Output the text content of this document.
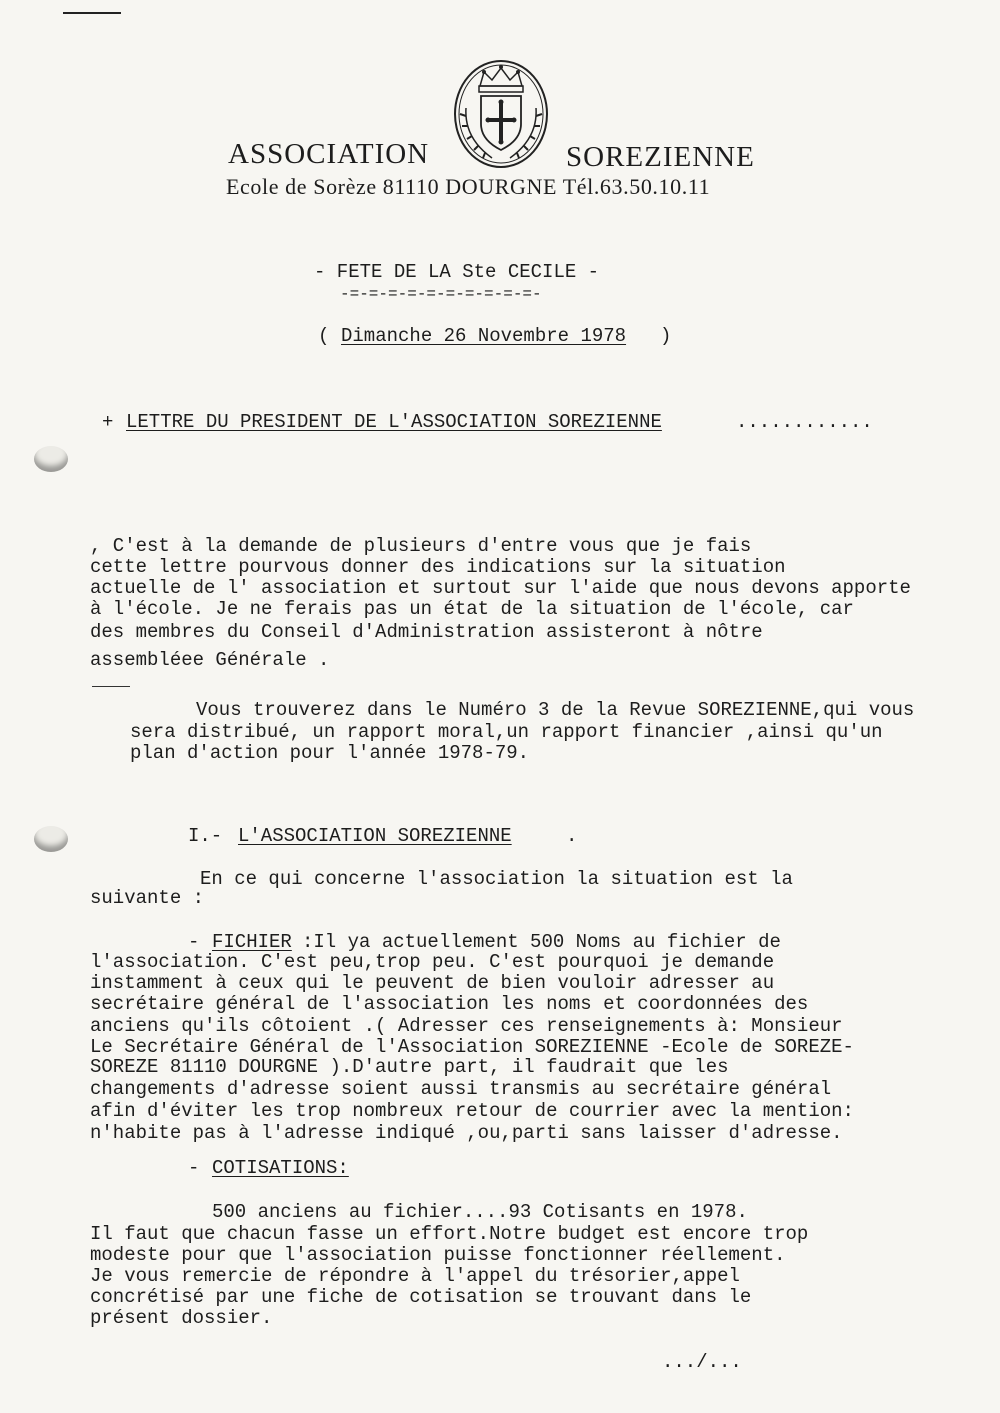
ASSOCIATION	SOREZIENNE
Ecole de Sorèze 81110 DOURGNE Tél.63.50.10.11
- FETE DE LA Ste CECILE -
-=-=-=-=-=-=-=-=-=-=-
( Dimanche 26 Novembre 1978 )
+ LETTRE DU PRESIDENT DE L'ASSOCIATION SOREZIENNE	............
, C'est à la demande de plusieurs d'entre vous que je fais
cette lettre pourvous donner des indications sur la situation
actuelle de l' association et surtout sur l'aide que nous devons apporte
à l'école. Je ne ferais pas un état de la situation de l'école, car
des membres du Conseil d'Administration assisteront à nôtre
assembléee Générale .
Vous trouverez dans le Numéro 3 de la Revue SOREZIENNE,qui vous
sera distribué, un rapport moral,un rapport financier ,ainsi qu'un
plan d'action pour l'année 1978-79.
I.- L'ASSOCIATION SOREZIENNE	.
En ce qui concerne l'association la situation est la
suivante :
- FICHIER :Il ya actuellement 500 Noms au fichier de
l'association. C'est peu,trop peu. C'est pourquoi je demande
instamment à ceux qui le peuvent de bien vouloir adresser au
secrétaire général de l'association les noms et coordonnées des
anciens qu'ils côtoient .( Adresser ces renseignements à: Monsieur
Le Secrétaire Général de l'Association SOREZIENNE -Ecole de SOREZE-
SOREZE 81110 DOURGNE ).D'autre part, il faudrait que les
changements d'adresse soient aussi transmis au secrétaire général
afin d'éviter les trop nombreux retour de courrier avec la mention:
n'habite pas à l'adresse indiqué ,ou,parti sans laisser d'adresse.
- COTISATIONS:
500 anciens au fichier....93 Cotisants en 1978.
Il faut que chacun fasse un effort.Notre budget est encore trop
modeste pour que l'association puisse fonctionner réellement.
Je vous remercie de répondre à l'appel du trésorier,appel
concrétisé par une fiche de cotisation se trouvant dans le
présent dossier.
.../...
